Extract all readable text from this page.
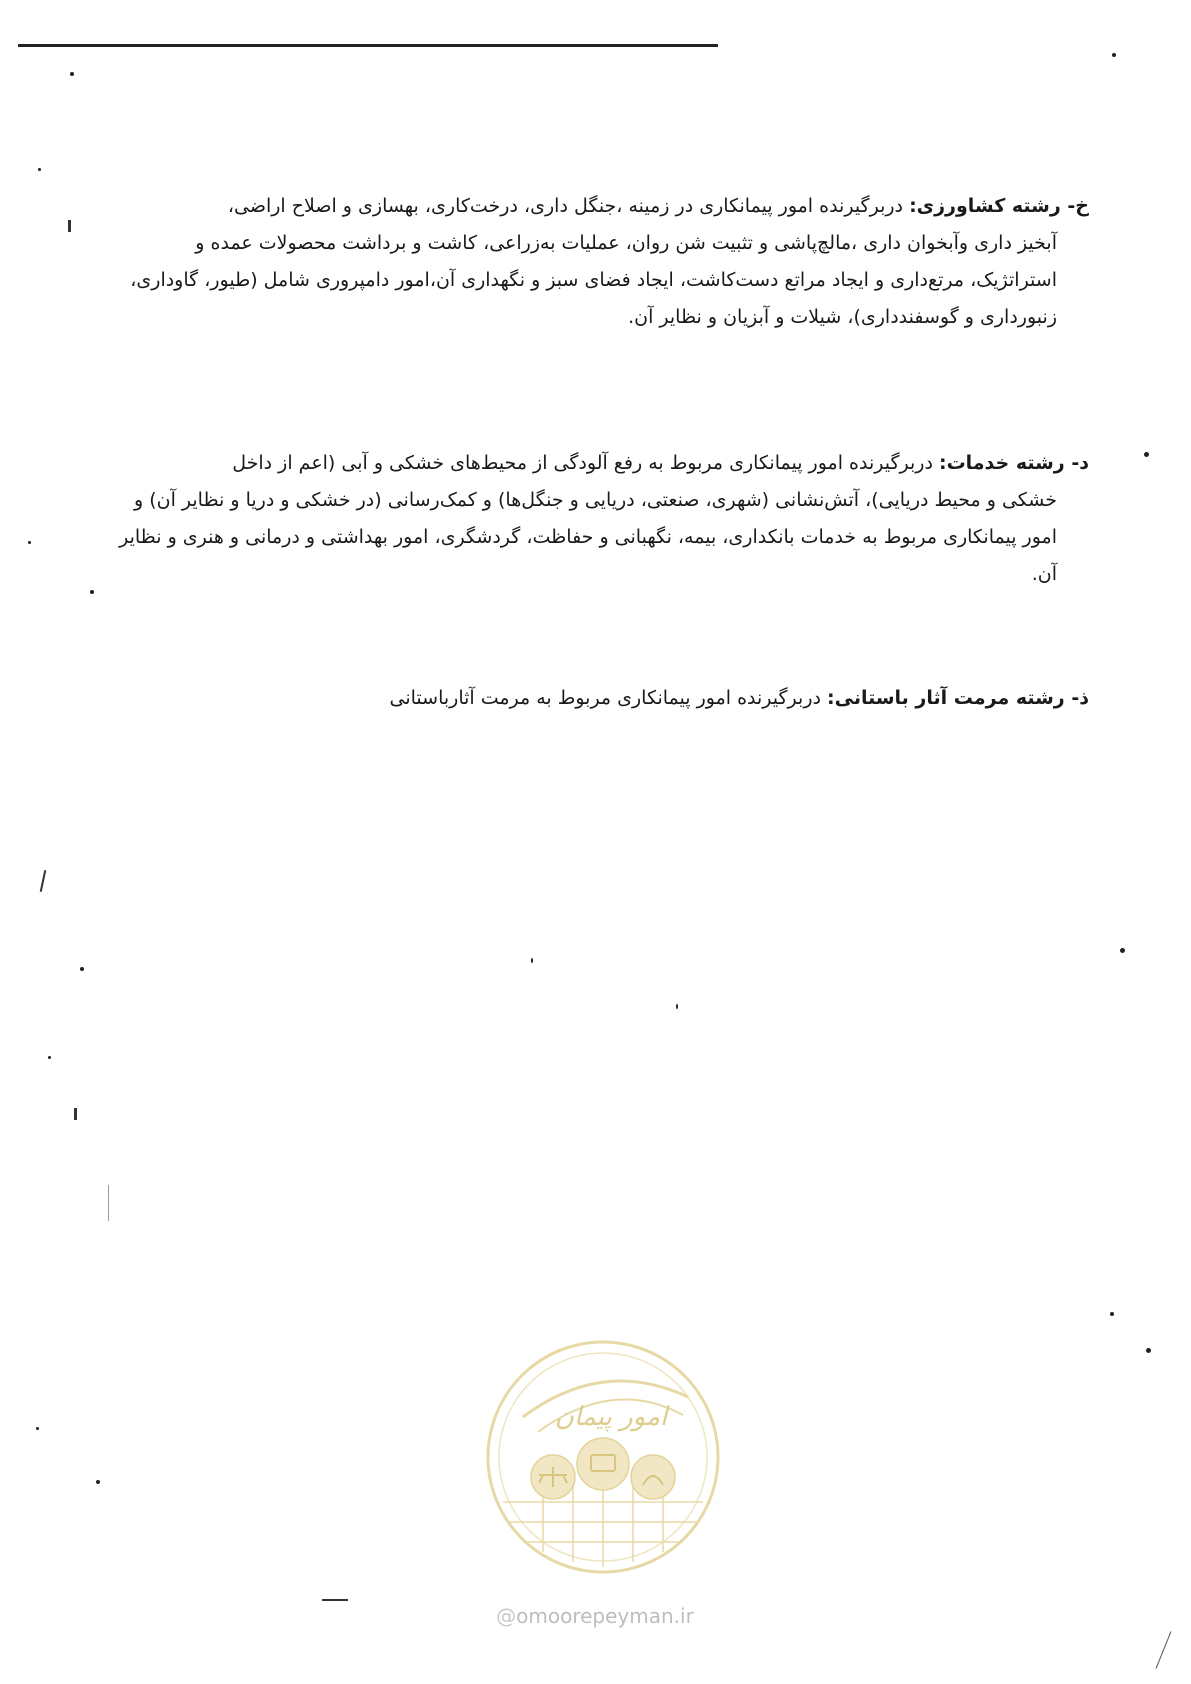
خ- رشته کشاورزی: دربرگیرنده امور پیمانکاری در زمینه ،جنگل داری، درخت‌کاری، بهسازی و اصلاح اراضی،
آبخیز داری وآبخوان داری ،مالچ‌پاشی و تثبیت شن روان، عملیات به‌زراعی، کاشت و برداشت محصولات عمده و استراتژیک، مرتع‌داری و ایجاد مراتع دست‌کاشت، ایجاد فضای سبز و نگهداری آن،امور دامپروری شامل (طیور، گاوداری، زنبورداری و گوسفندداری)، شیلات و آبزیان و نظایر آن.
د- رشته خدمات: دربرگیرنده امور پیمانکاری مربوط به رفع آلودگی از محیط‌های خشکی و آبی (اعم از داخل
خشکی و محیط دریایی)، آتش‌نشانی (شهری، صنعتی، دریایی و جنگل‌ها) و کمک‌رسانی (در خشکی و دریا و نظایر آن) و امور پیمانکاری مربوط به خدمات بانکداری، بیمه، نگهبانی و حفاظت، گردشگری، امور بهداشتی و درمانی و هنری و نظایر آن.
ذ- رشته مرمت آثار باستانی: دربرگیرنده امور پیمانکاری مربوط به مرمت آثارباستانی
امور پیمان
@omoorepeyman.ir
